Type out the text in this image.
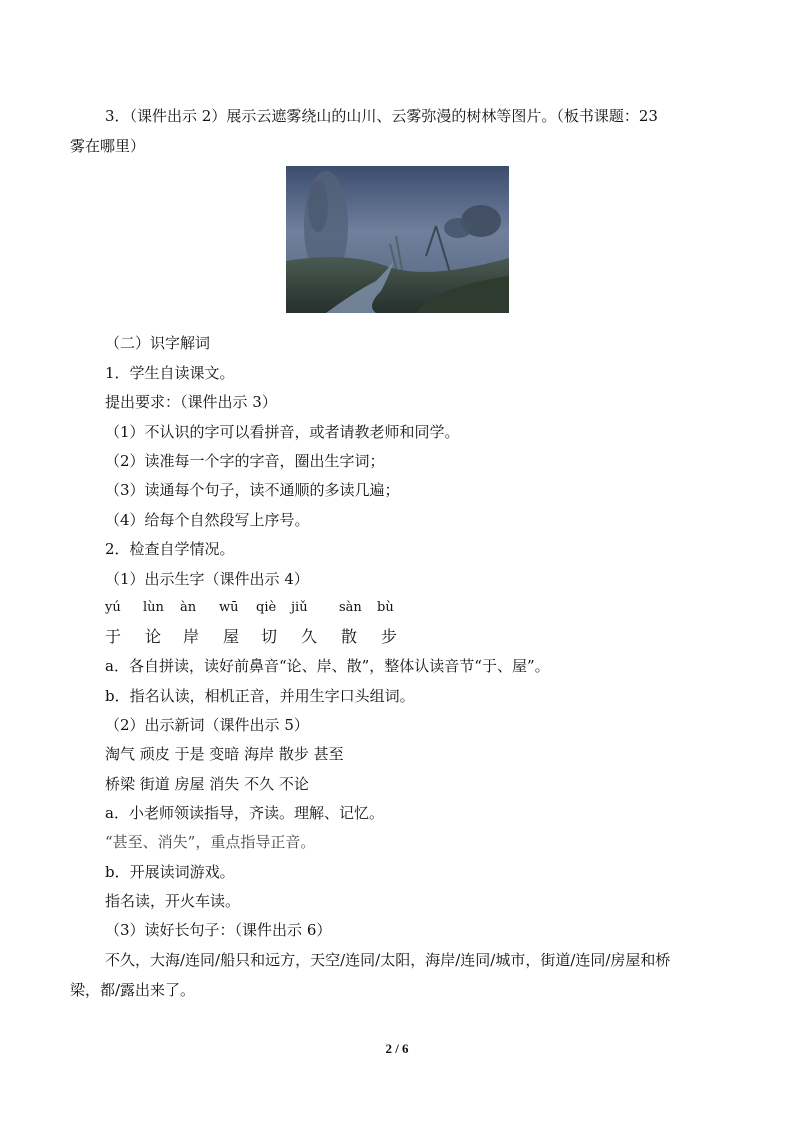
3．（课件出示 2）展示云遮雾绕山的山川、云雾弥漫的树林等图片。（板书课题：23
雾在哪里）
（二）识字解词
1．学生自读课文。
提出要求：（课件出示 3）
（1）不认识的字可以看拼音，或者请教老师和同学。
（2）读准每一个字的字音，圈出生字词；
（3）读通每个句子，读不通顺的多读几遍；
（4）给每个自然段写上序号。
2．检查自学情况。
（1）出示生字（课件出示 4）
yú lùn àn wū qiè jiǔ sàn bù
于 论 岸 屋 切 久 散 步
a．各自拼读，读好前鼻音“论、岸、散”，整体认读音节“于、屋”。
b．指名认读，相机正音，并用生字口头组词。
（2）出示新词（课件出示 5）
淘气 顽皮 于是 变暗 海岸 散步 甚至
桥梁 街道 房屋 消失 不久 不论
a．小老师领读指导，齐读。理解、记忆。
“甚至、消失”，重点指导正音。
b．开展读词游戏。
指名读，开火车读。
（3）读好长句子：（课件出示 6）
不久，大海/连同/船只和远方，天空/连同/太阳，海岸/连同/城市，街道/连同/房屋和桥
梁，都/露出来了。
2 / 6
